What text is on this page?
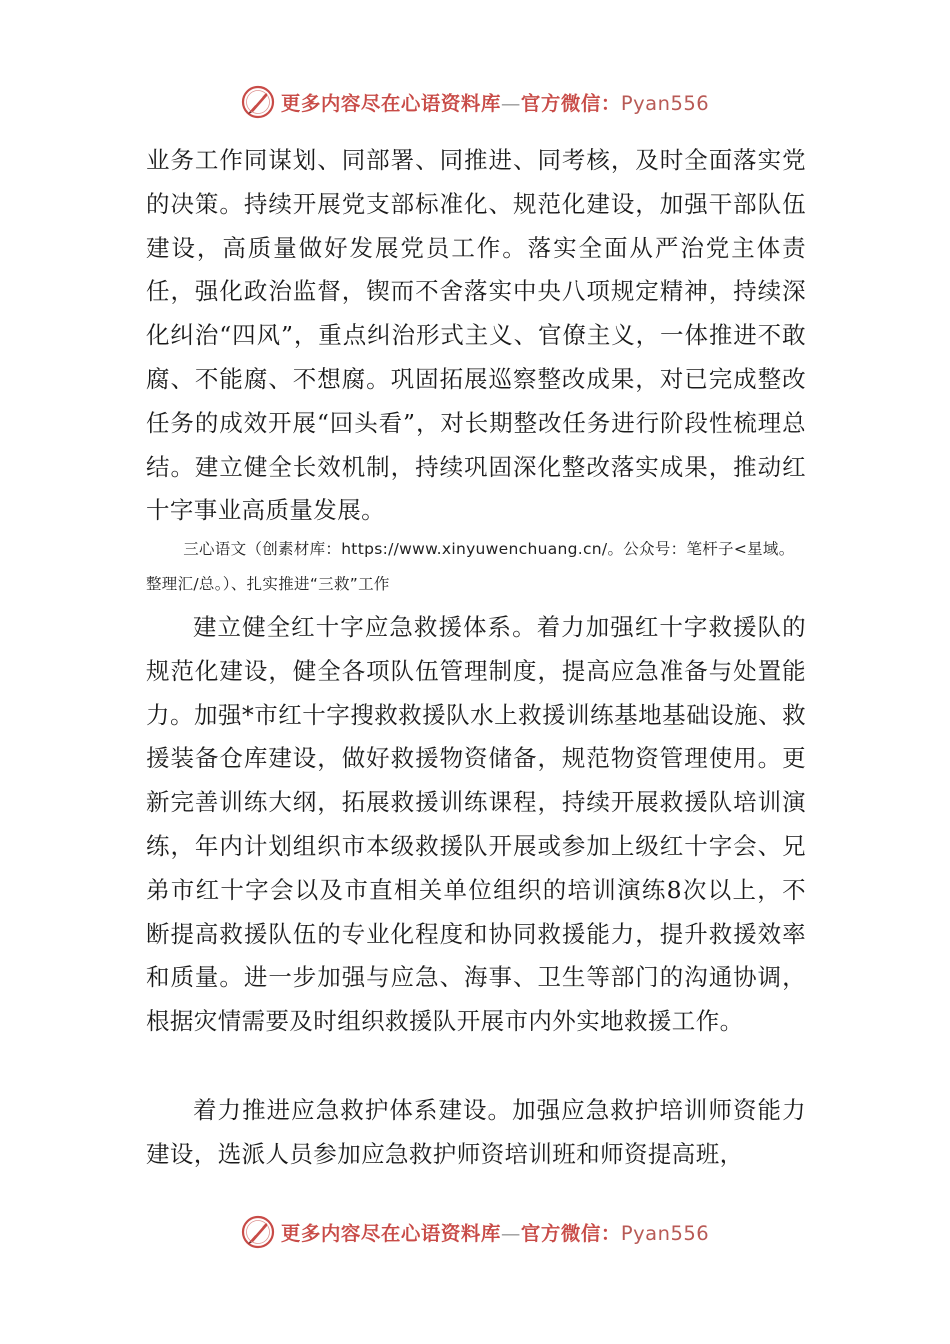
更多内容尽在心语资料库—官方微信：Pyan556

业务工作同谋划、同部署、同推进、同考核，及时全面落实党的决策。持续开展党支部标准化、规范化建设，加强干部队伍建设，高质量做好发展党员工作。落实全面从严治党主体责任，强化政治监督，锲而不舍落实中央八项规定精神，持续深化纠治“四风”，重点纠治形式主义、官僚主义，一体推进不敢腐、不能腐、不想腐。巩固拓展巡察整改成果，对已完成整改任务的成效开展“回头看”，对长期整改任务进行阶段性梳理总结。建立健全长效机制，持续巩固深化整改落实成果，推动红十字事业高质量发展。

三心语文（创素材库：https://www.xinyuwenchuang.cn/。公众号：笔杆子<星域。整理汇/总。）、扎实推进“三救”工作

建立健全红十字应急救援体系。着力加强红十字救援队的规范化建设，健全各项队伍管理制度，提高应急准备与处置能力。加强*市红十字搜救救援队水上救援训练基地基础设施、救援装备仓库建设，做好救援物资储备，规范物资管理使用。更新完善训练大纲，拓展救援训练课程，持续开展救援队培训演练，年内计划组织市本级救援队开展或参加上级红十字会、兄弟市红十字会以及市直相关单位组织的培训演练8次以上，不断提高救援队伍的专业化程度和协同救援能力，提升救援效率和质量。进一步加强与应急、海事、卫生等部门的沟通协调，根据灾情需要及时组织救援队开展市内外实地救援工作。

着力推进应急救护体系建设。加强应急救护培训师资能力建设，选派人员参加应急救护师资培训班和师资提高班，

更多内容尽在心语资料库—官方微信：Pyan556
